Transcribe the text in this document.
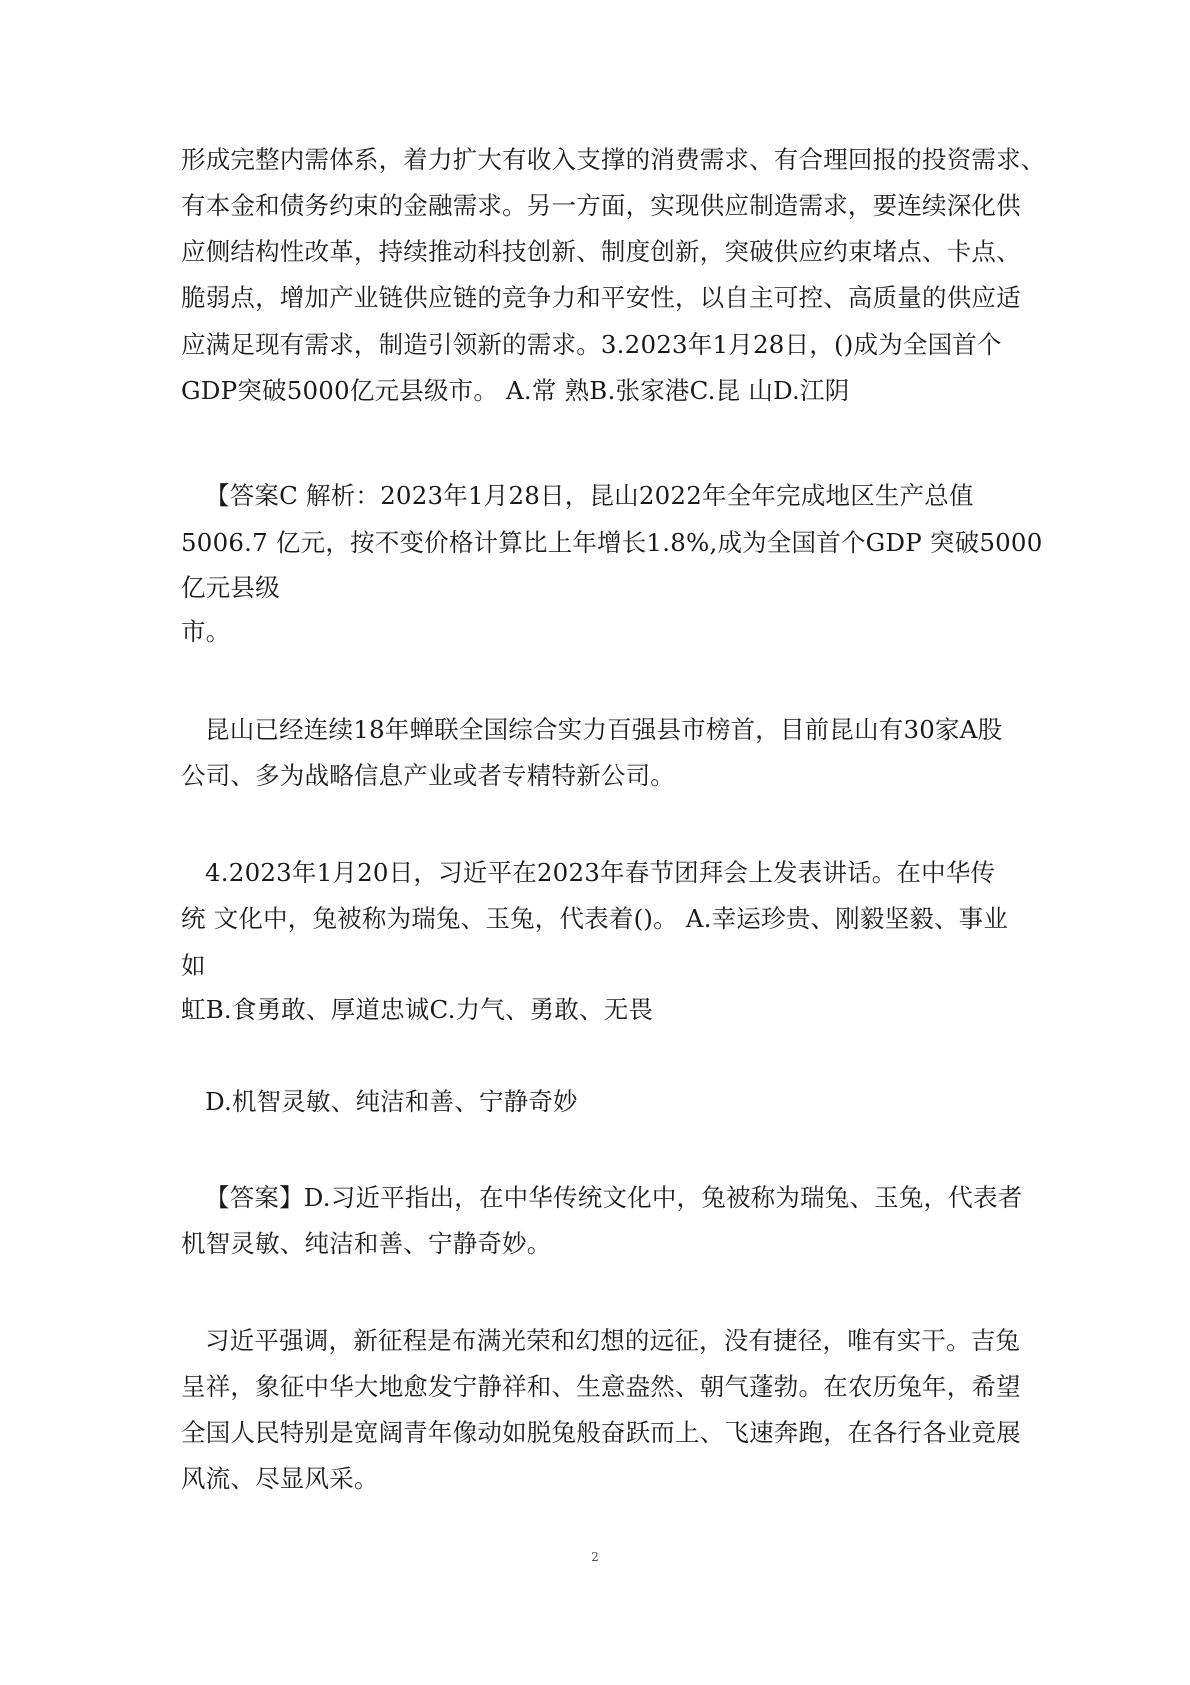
形成完整内需体系，着力扩大有收入支撑的消费需求、有合理回报的投资需求、
有本金和债务约束的金融需求。另一方面，实现供应制造需求，要连续深化供
应侧结构性改革，持续推动科技创新、制度创新，突破供应约束堵点、卡点、
脆弱点，增加产业链供应链的竞争力和平安性，以自主可控、高质量的供应适
应满足现有需求，制造引领新的需求。3.2023年1月28日，()成为全国首个
GDP突破5000亿元县级市。 A.常 熟B.张家港C.昆 山D.江阴
【答案C 解析：2023年1月28日，昆山2022年全年完成地区生产总值
5006.7 亿元，按不变价格计算比上年增长1.8%,成为全国首个GDP 突破5000
亿元县级
市。
昆山已经连续18年蝉联全国综合实力百强县市榜首，目前昆山有30家A股
公司、多为战略信息产业或者专精特新公司。
4.2023年1月20日，习近平在2023年春节团拜会上发表讲话。在中华传
统 文化中，兔被称为瑞兔、玉兔，代表着()。 A.幸运珍贵、刚毅坚毅、事业
如
虹B.食勇敢、厚道忠诚C.力气、勇敢、无畏
D.机智灵敏、纯洁和善、宁静奇妙
【答案】D.习近平指出，在中华传统文化中，兔被称为瑞兔、玉兔，代表者
机智灵敏、纯洁和善、宁静奇妙。
习近平强调，新征程是布满光荣和幻想的远征，没有捷径，唯有实干。吉兔
呈祥，象征中华大地愈发宁静祥和、生意盎然、朝气蓬勃。在农历兔年，希望
全国人民特别是宽阔青年像动如脱兔般奋跃而上、飞速奔跑，在各行各业竞展
风流、尽显风采。
2
